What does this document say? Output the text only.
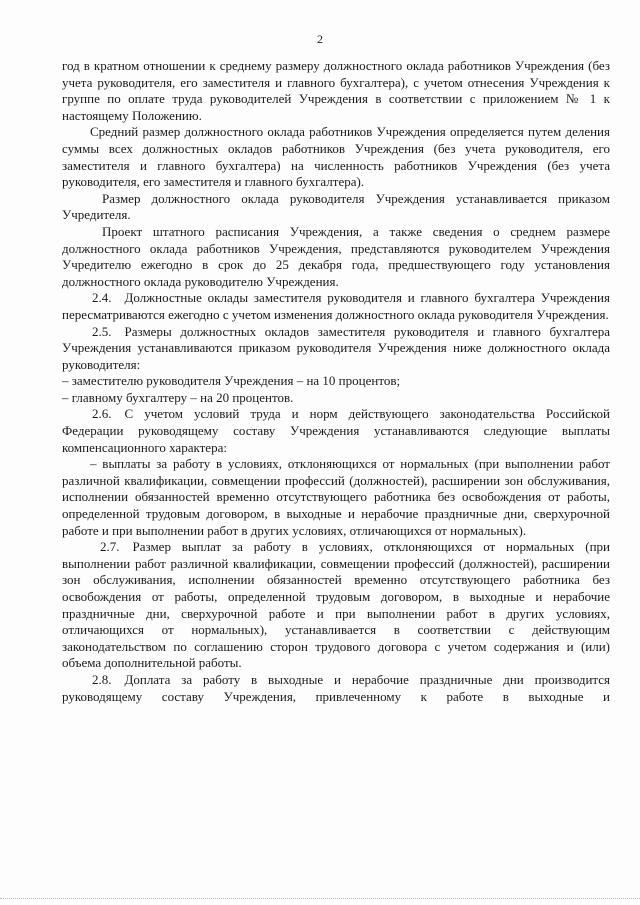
2

год в кратном отношении к среднему размеру должностного оклада работников Учреждения (без учета руководителя, его заместителя и главного бухгалтера), с учетом отнесения Учреждения к группе по оплате труда руководителей Учреждения в соответствии с приложением № 1 к настоящему Положению.

Средний размер должностного оклада работников Учреждения определяется путем деления суммы всех должностных окладов работников Учреждения (без учета руководителя, его заместителя и главного бухгалтера) на численность работников Учреждения (без учета руководителя, его заместителя и главного бухгалтера).

Размер должностного оклада руководителя Учреждения устанавливается приказом Учредителя.

Проект штатного расписания Учреждения, а также сведения о среднем размере должностного оклада работников Учреждения, представляются руководителем Учреждения Учредителю ежегодно в срок до 25 декабря года, предшествующего году установления должностного оклада руководителю Учреждения.

2.4. Должностные оклады заместителя руководителя и главного бухгалтера Учреждения пересматриваются ежегодно с учетом изменения должностного оклада руководителя Учреждения.

2.5. Размеры должностных окладов заместителя руководителя и главного бухгалтера Учреждения устанавливаются приказом руководителя Учреждения ниже должностного оклада руководителя:

– заместителю руководителя Учреждения – на 10 процентов;

– главному бухгалтеру – на 20 процентов.

2.6. С учетом условий труда и норм действующего законодательства Российской Федерации руководящему составу Учреждения устанавливаются следующие выплаты компенсационного характера:

– выплаты за работу в условиях, отклоняющихся от нормальных (при выполнении работ различной квалификации, совмещении профессий (должностей), расширении зон обслуживания, исполнении обязанностей временно отсутствующего работника без освобождения от работы, определенной трудовым договором, в выходные и нерабочие праздничные дни, сверхурочной работе и при выполнении работ в других условиях, отличающихся от нормальных).

2.7. Размер выплат за работу в условиях, отклоняющихся от нормальных (при выполнении работ различной квалификации, совмещении профессий (должностей), расширении зон обслуживания, исполнении обязанностей временно отсутствующего работника без освобождения от работы, определенной трудовым договором, в выходные и нерабочие праздничные дни, сверхурочной работе и при выполнении работ в других условиях, отличающихся от нормальных), устанавливается в соответствии с действующим законодательством по соглашению сторон трудового договора с учетом содержания и (или) объема дополнительной работы.

2.8. Доплата за работу в выходные и нерабочие праздничные дни производится руководящему составу Учреждения, привлеченному к работе в выходные и
